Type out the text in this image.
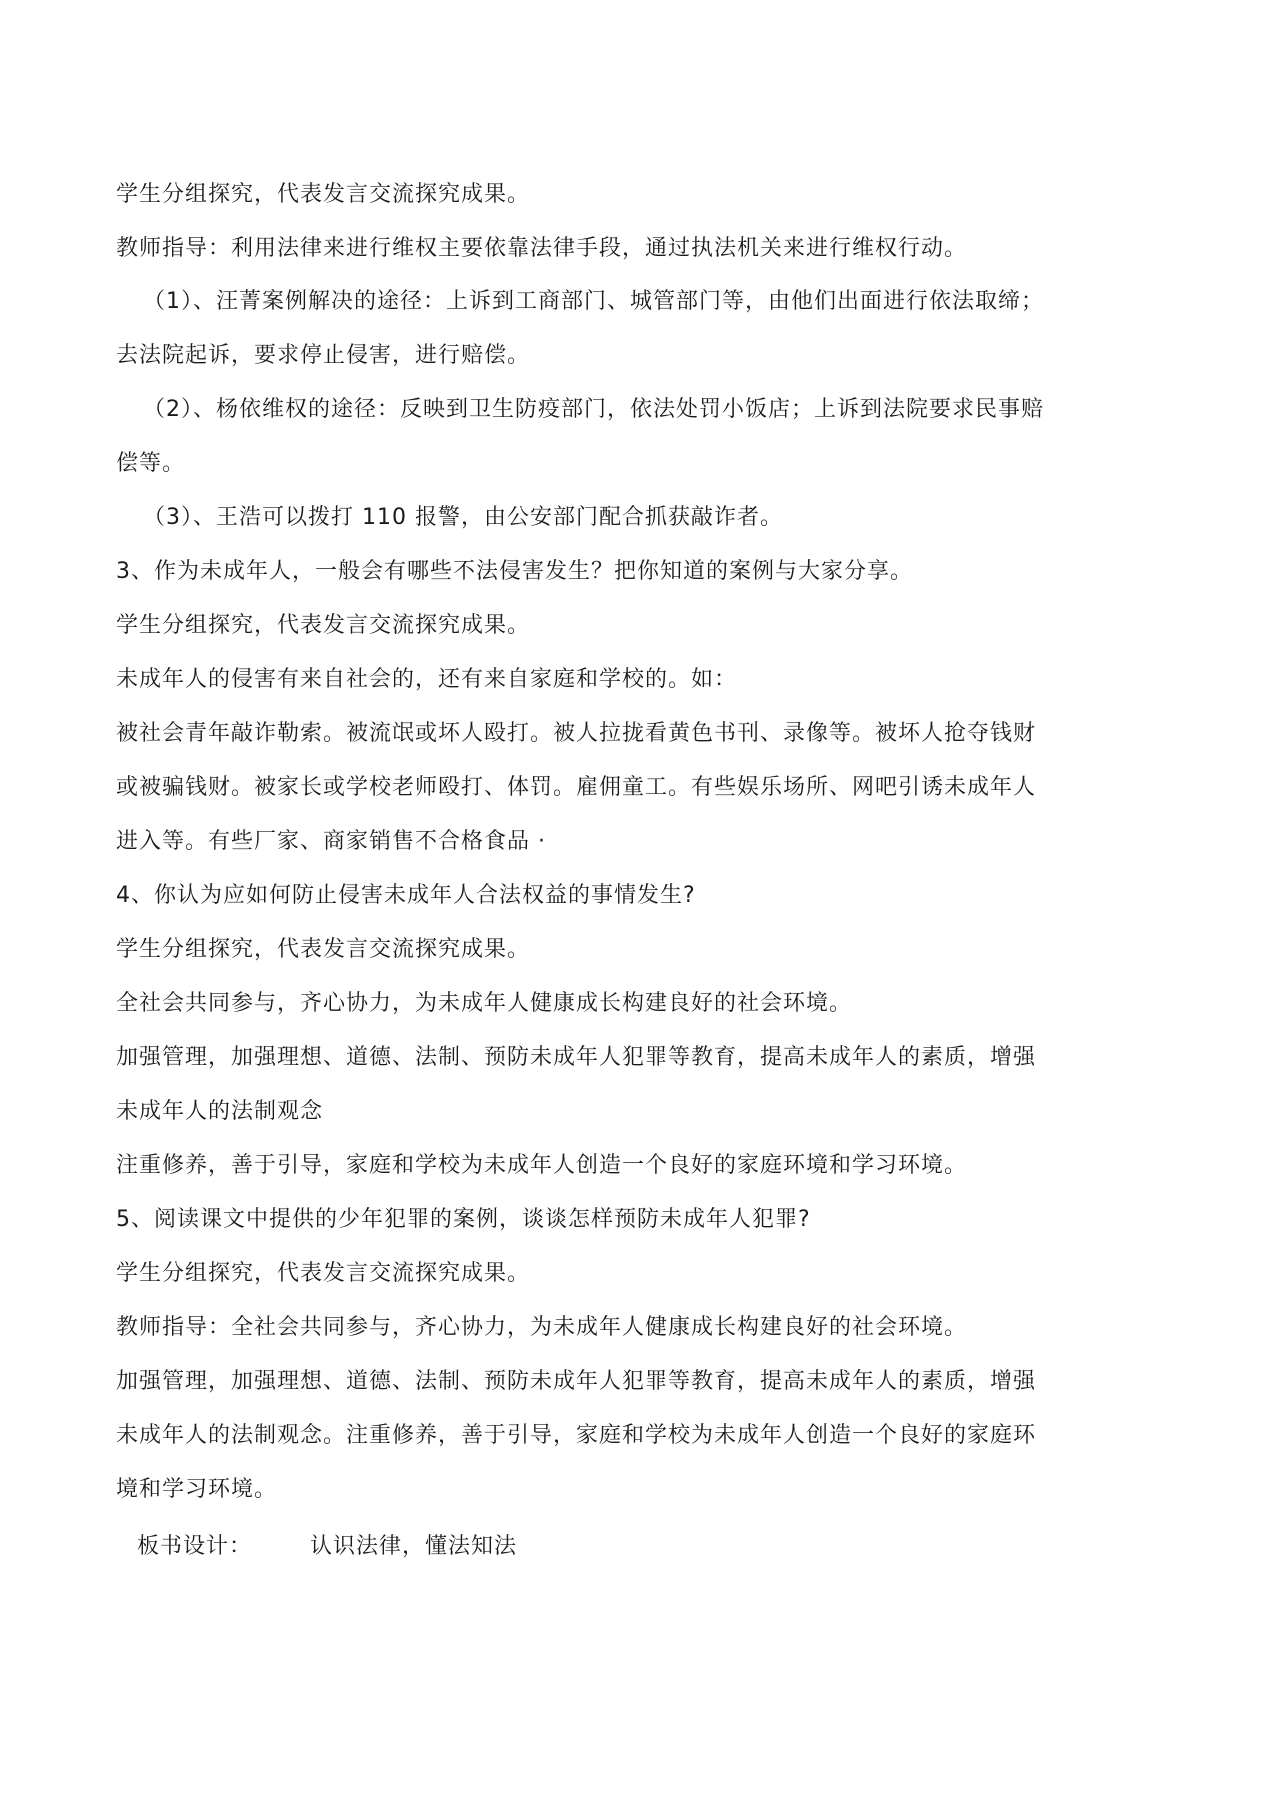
学生分组探究，代表发言交流探究成果。
教师指导：利用法律来进行维权主要依靠法律手段，通过执法机关来进行维权行动。
（1）、汪菁案例解决的途径：上诉到工商部门、城管部门等，由他们出面进行依法取缔；
去法院起诉，要求停止侵害，进行赔偿。
（2）、杨依维权的途径：反映到卫生防疫部门，依法处罚小饭店；上诉到法院要求民事赔
偿等。
（3）、王浩可以拨打 110 报警，由公安部门配合抓获敲诈者。
3、作为未成年人，一般会有哪些不法侵害发生？把你知道的案例与大家分享。
学生分组探究，代表发言交流探究成果。
未成年人的侵害有来自社会的，还有来自家庭和学校的。如：
被社会青年敲诈勒索。被流氓或坏人殴打。被人拉拢看黄色书刊、录像等。被坏人抢夺钱财
或被骗钱财。被家长或学校老师殴打、体罚。雇佣童工。有些娱乐场所、网吧引诱未成年人
进入等。有些厂家、商家销售不合格食品 ·
4、你认为应如何防止侵害未成年人合法权益的事情发生?
学生分组探究，代表发言交流探究成果。
全社会共同参与，齐心协力，为未成年人健康成长构建良好的社会环境。
加强管理，加强理想、道德、法制、预防未成年人犯罪等教育，提高未成年人的素质，增强
未成年人的法制观念
注重修养，善于引导，家庭和学校为未成年人创造一个良好的家庭环境和学习环境。
5、阅读课文中提供的少年犯罪的案例，谈谈怎样预防未成年人犯罪?
学生分组探究，代表发言交流探究成果。
教师指导：全社会共同参与，齐心协力，为未成年人健康成长构建良好的社会环境。
加强管理，加强理想、道德、法制、预防未成年人犯罪等教育，提高未成年人的素质，增强
未成年人的法制观念。注重修养，善于引导，家庭和学校为未成年人创造一个良好的家庭环
境和学习环境。
板书设计：	认识法律，懂法知法
